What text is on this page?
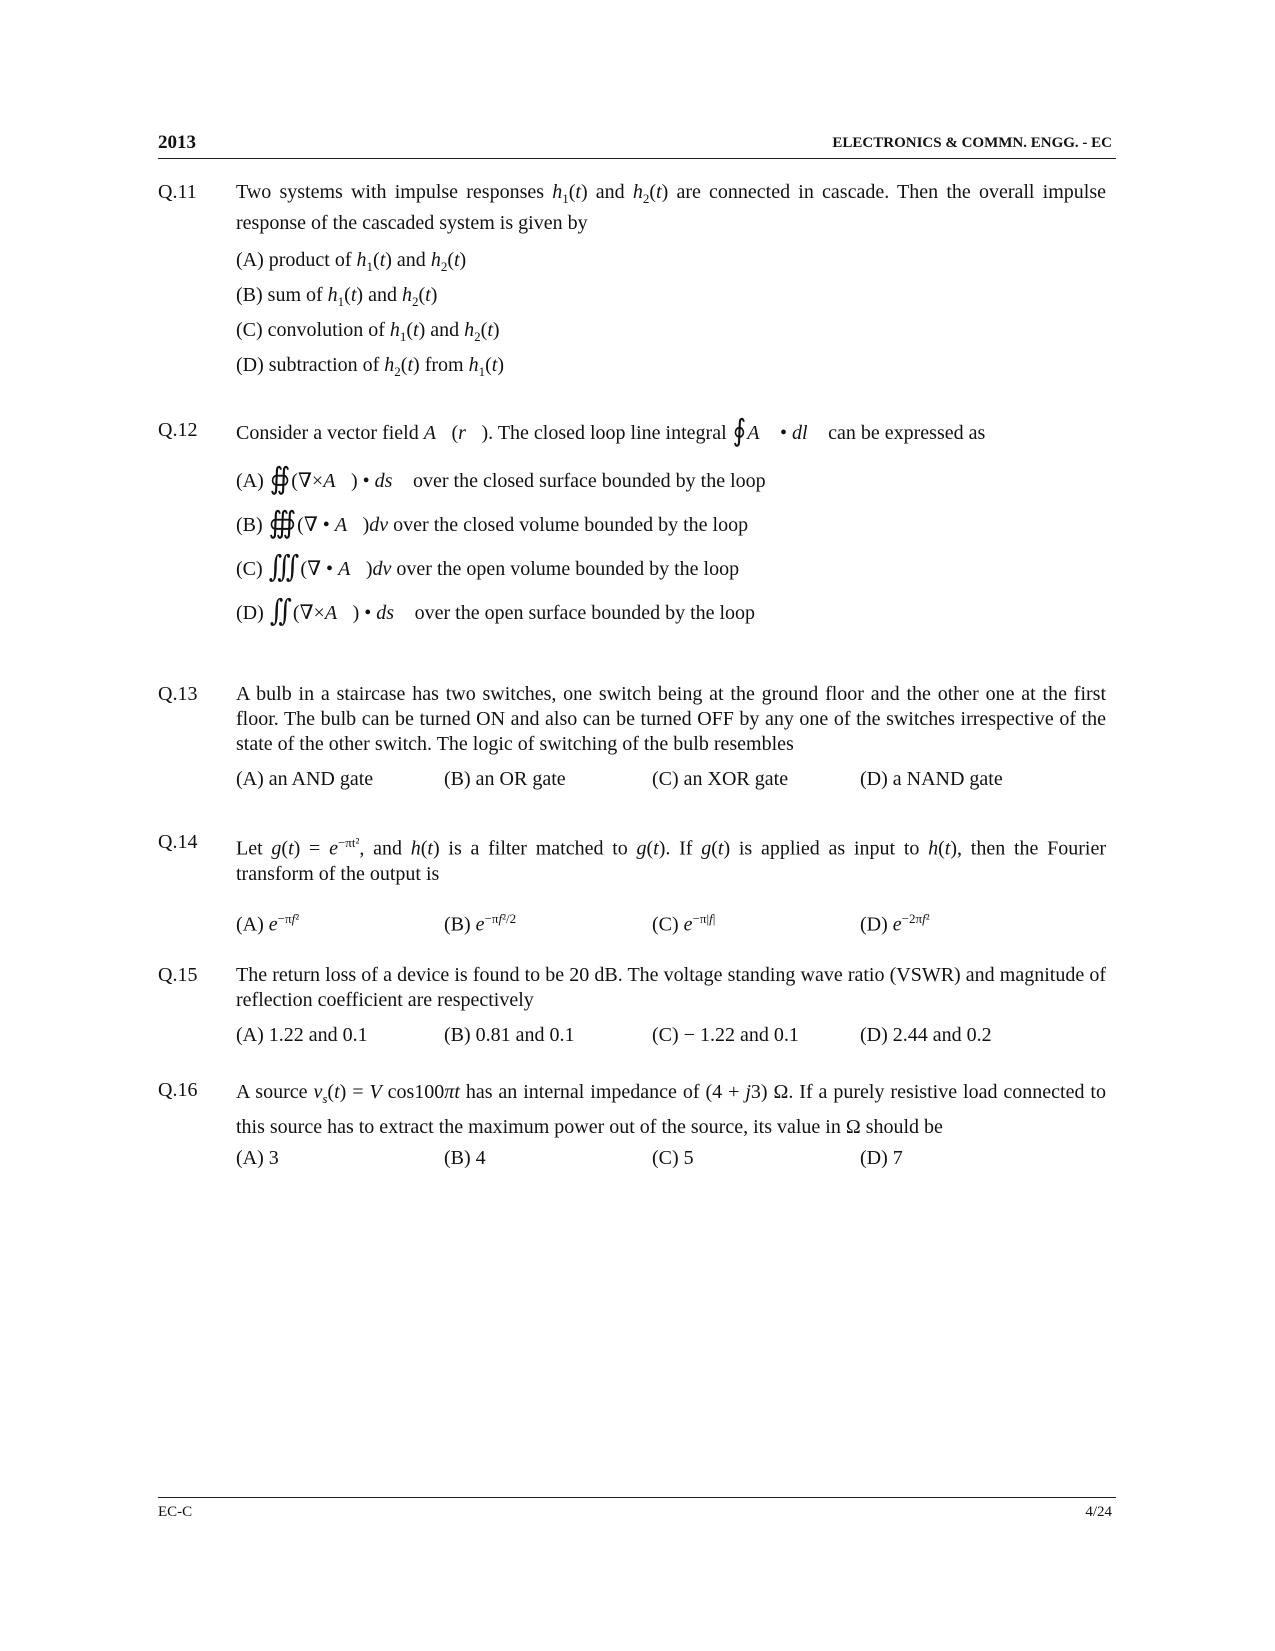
2013	ELECTRONICS & COMMN. ENGG. - EC
Q.11 Two systems with impulse responses $h_1(t)$ and $h_2(t)$ are connected in cascade. Then the overall impulse response of the cascaded system is given by
(A) product of $h_1(t)$ and $h_2(t)$
(B) sum of $h_1(t)$ and $h_2(t)$
(C) convolution of $h_1(t)$ and $h_2(t)$
(D) subtraction of $h_2(t)$ from $h_1(t)$
Q.12 Consider a vector field A⃗(r⃗). The closed loop line integral ∮A⃗ • dl⃗ can be expressed as
(A) ∯(∇×A⃗) • ds⃗ over the closed surface bounded by the loop
(B) ∰(∇ • A⃗)dv over the closed volume bounded by the loop
(C) ∭(∇ • A⃗)dv over the open volume bounded by the loop
(D) ∬(∇×A⃗) • ds⃗ over the open surface bounded by the loop
Q.13 A bulb in a staircase has two switches, one switch being at the ground floor and the other one at the first floor. The bulb can be turned ON and also can be turned OFF by any one of the switches irrespective of the state of the other switch. The logic of switching of the bulb resembles
(A) an AND gate	(B) an OR gate	(C) an XOR gate	(D) a NAND gate
Q.14 Let $g(t) = e^{-\pi t^2}$, and h(t) is a filter matched to g(t). If g(t) is applied as input to h(t), then the Fourier transform of the output is
(A) $e^{-\pi f^2}$	(B) $e^{-\pi f^2/2}$	(C) $e^{-\pi|f|}$	(D) $e^{-2\pi f^2}$
Q.15 The return loss of a device is found to be 20 dB. The voltage standing wave ratio (VSWR) and magnitude of reflection coefficient are respectively
(A) 1.22 and 0.1	(B) 0.81 and 0.1	(C) − 1.22 and 0.1	(D) 2.44 and 0.2
Q.16 A source $v_s(t) = V$ cos100πt has an internal impedance of (4 + j3) Ω. If a purely resistive load connected to this source has to extract the maximum power out of the source, its value in Ω should be
(A) 3	(B) 4	(C) 5	(D) 7
EC-C	4/24
